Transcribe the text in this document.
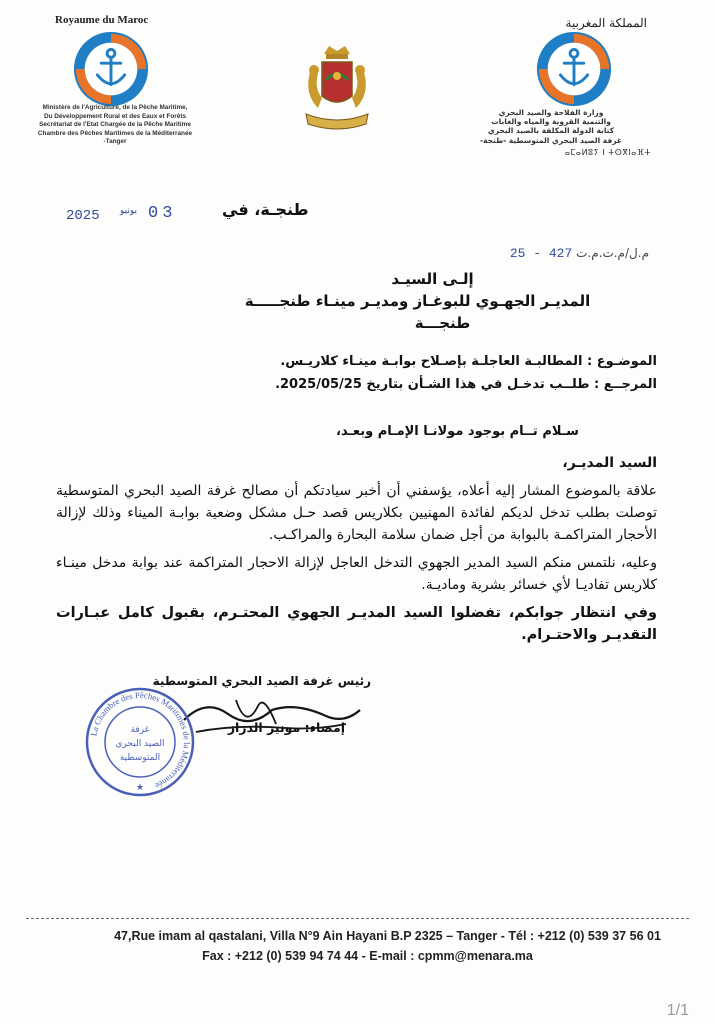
Royaume du Maroc
Ministère de l'Agriculture, de la Pêche Maritime,
Du Développement Rural et des Eaux et Forêts
Secrétariat de l'Etat Chargée de la Pêche Maritime
Chambre des Pêches Maritimes de la Méditerranée
-Tanger
المملكة المغربية
وزارة الفلاحة والصيد البحري
والتنمية القروية والمياه والغابات
كتابة الدولة المكلفة بالصيد البحري
غرفة الصيد البحري المتوسطية -طنجة-
ⴰⵎⴰⵍⵓⵢ ⵏ ⵜⵙⴳⵏⴰⴼⵜ
2025 يونيو 03	طنجـة، في
م.ل/م.ت.م.ت 427 - 25
إلـى السيـد
المديـر الجهـوي للبوغـاز ومديـر مينـاء طنجـــــة
طنجـــة
الموضـوع : المطالبـة العاجلـة بإصـلاح بوابـة مينـاء كلاريـس.
المرجــع : طلــب تدخـل في هذا الشـأن بتاريخ 2025/05/25.
سـلام تــام بوجود مولانـا الإمـام وبعـد،

السيد المديـر،

علاقة بالموضوع المشار إليه أعلاه، يؤسفني أن أخبر سيادتكم أن مصالح غرفة الصيد البحري المتوسطية توصلت بطلب تدخل لديكم لفائدة المهنيين بكلاريس قصد حـل مشكل وضعية بوابـة الميناء وذلك لإزالة الأحجار المتراكمـة بالبوابة من أجل ضمان سلامة البحارة والمراكـب.

وعليه، نلتمس منكم السيد المدير الجهوي التدخل العاجل لإزالة الاحجار المتراكمة عند بوابة مدخل مينـاء كلاريس تفاديـا لأي خسائر بشرية وماديـة.

وفي انتظار جوابكم، تفضلوا السيد المديـر الجهوي المحتـرم، بقبول كامل عبـارات التقديـر والاحتـرام.

رئيس غرفة الصيد البحري المتوسطية
إمضاء: مونير الدراز
La Chambre des Pêches Maritimes de la Méditerranée
غرفة
الصيد البحري
المتوسطية
★
47,Rue imam al qastalani, Villa N°9 Ain Hayani B.P 2325 – Tanger - Tél : +212 (0) 539 37 56 01
Fax : +212 (0) 539 94 74 44 - E-mail : cpmm@menara.ma
1/1
